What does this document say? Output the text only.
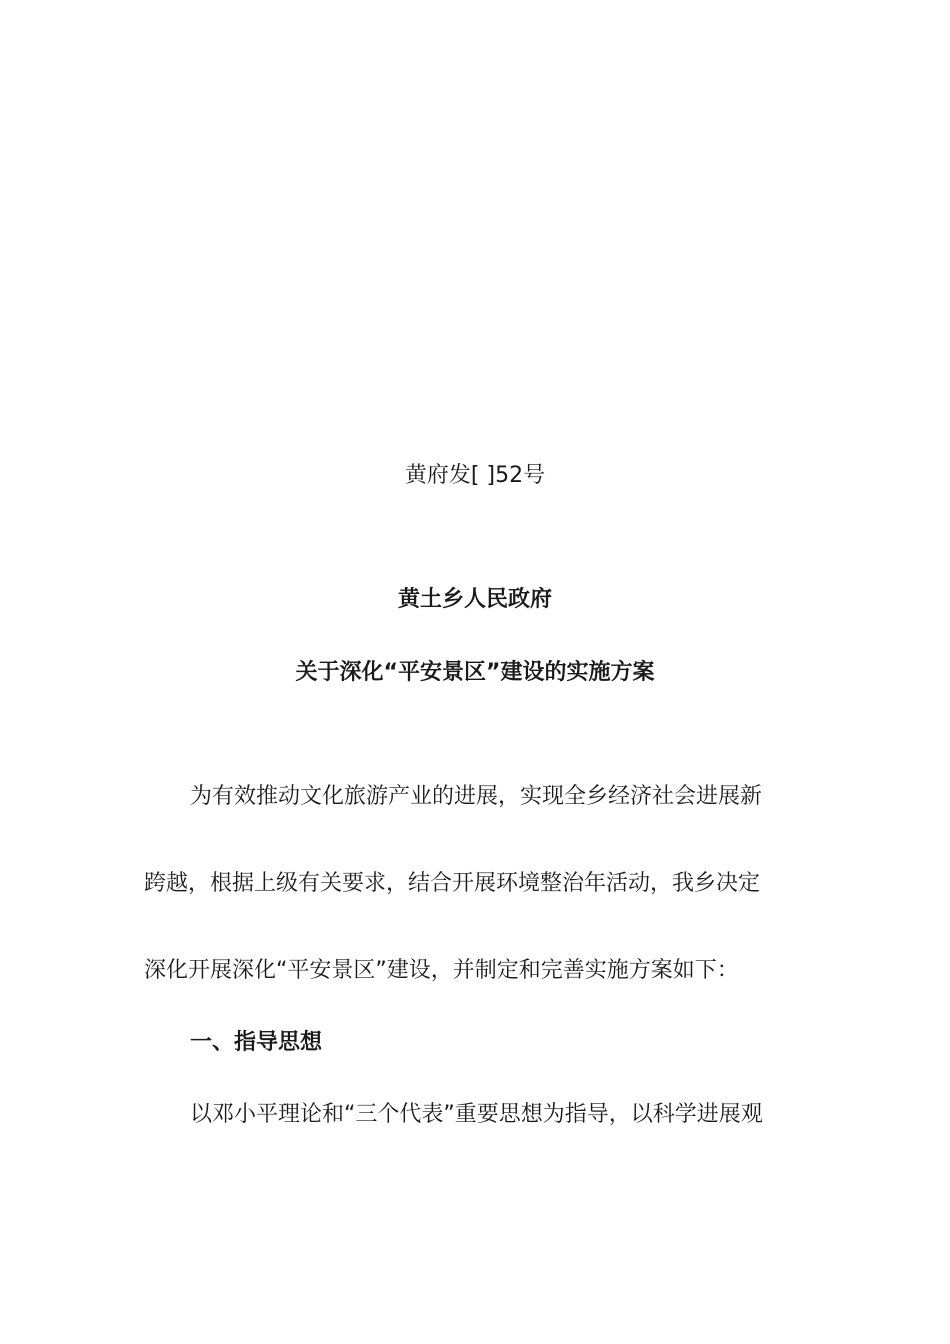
黄府发[ ]52号
黄土乡人民政府
关于深化“平安景区”建设的实施方案
为有效推动文化旅游产业的进展，实现全乡经济社会进展新
跨越，根据上级有关要求，结合开展环境整治年活动，我乡决定
深化开展深化“平安景区”建设，并制定和完善实施方案如下：
一、指导思想
以邓小平理论和“三个代表”重要思想为指导，以科学进展观
